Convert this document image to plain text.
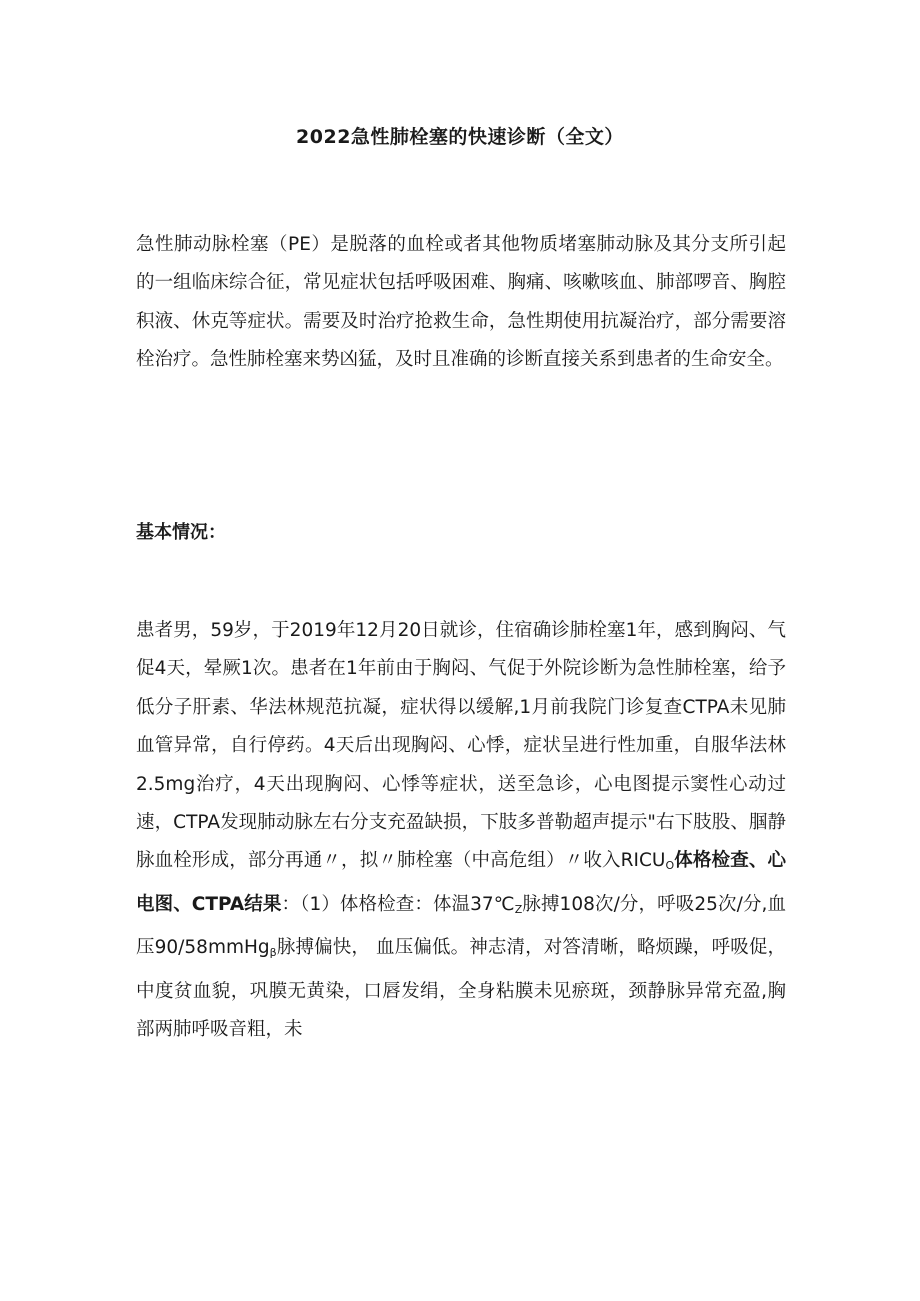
2022急性肺栓塞的快速诊断（全文）

急性肺动脉栓塞（PE）是脱落的血栓或者其他物质堵塞肺动脉及其分支所引起的一组临床综合征，常见症状包括呼吸困难、胸痛、咳嗽咳血、肺部啰音、胸腔积液、休克等症状。需要及时治疗抢救生命，急性期使用抗凝治疗，部分需要溶栓治疗。急性肺栓塞来势凶猛，及时且准确的诊断直接关系到患者的生命安全。

基本情况：

患者男，59岁，于2019年12月20日就诊，住宿确诊肺栓塞1年，感到胸闷、气促4天，晕厥1次。患者在1年前由于胸闷、气促于外院诊断为急性肺栓塞，给予低分子肝素、华法林规范抗凝，症状得以缓解,1月前我院门诊复查CTPA未见肺血管异常，自行停药。4天后出现胸闷、心悸，症状呈进行性加重，自服华法林2.5mg治疗，4天出现胸闷、心悸等症状，送至急诊，心电图提示窦性心动过速，CTPA发现肺动脉左右分支充盈缺损，下肢多普勒超声提示"右下肢股、腘静脉血栓形成，部分再通〃，拟〃肺栓塞（中高危组）〃收入$RICU_O$体格检查、心电图、CTPA结果：（1）体格检查：体温$37℃_Z$脉搏108次/分，呼吸25次/分,血压90/58mmHg$_\beta$脉搏偏快， 血压偏低。神志清，对答清晰，略烦躁，呼吸促，中度贫血貌，巩膜无黄染，口唇发绢，全身粘膜未见瘀斑，颈静脉异常充盈,胸部两肺呼吸音粗，未
